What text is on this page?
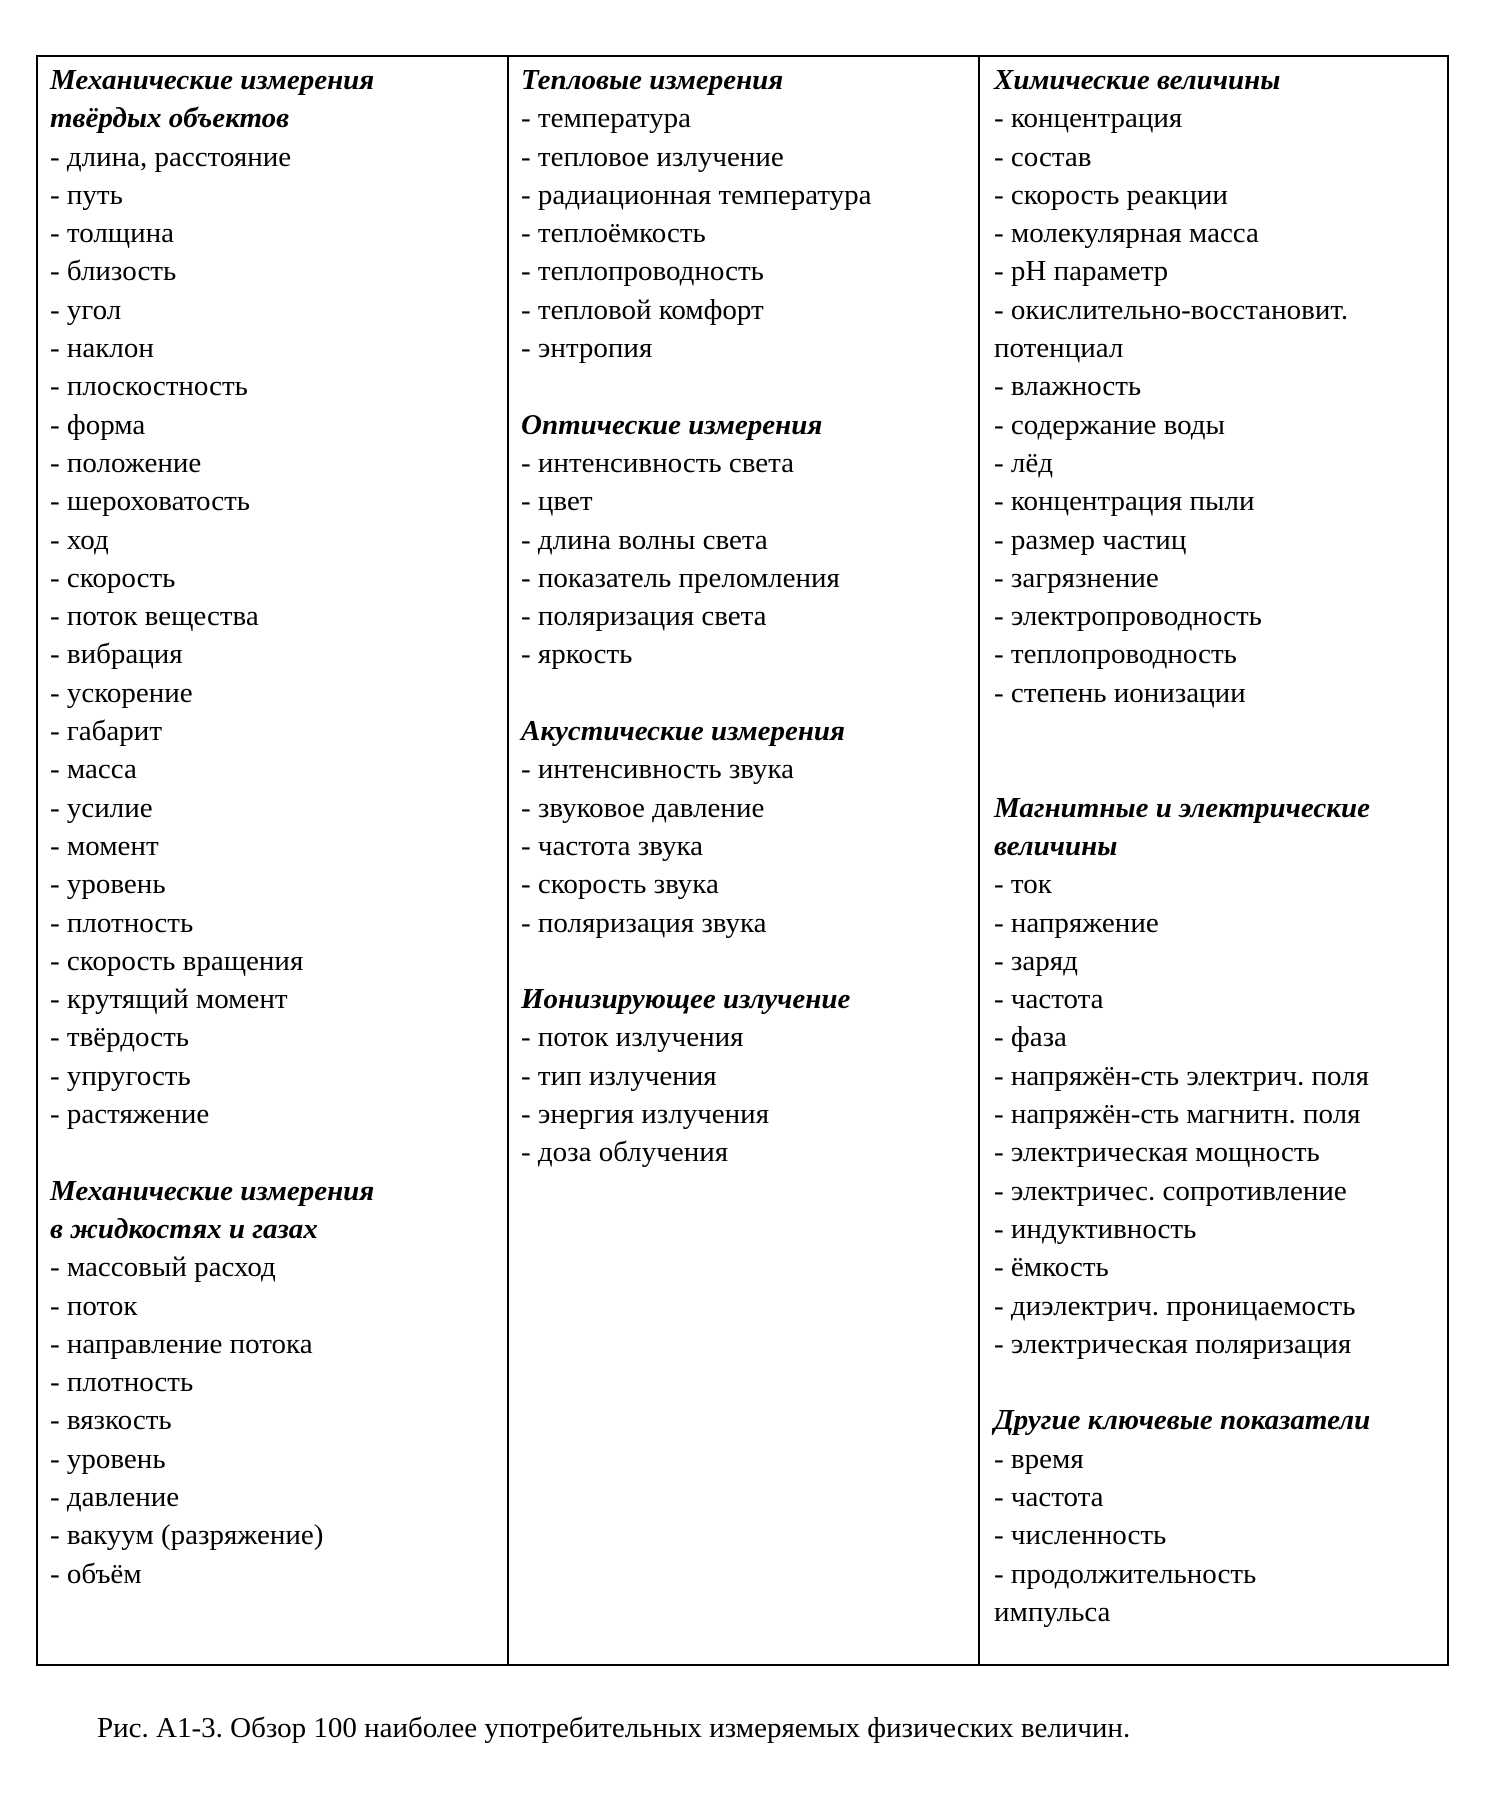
Механические измерения
твёрдых объектов
- длина, расстояние
- путь
- толщина
- близость
- угол
- наклон
- плоскостность
- форма
- положение
- шероховатость
- ход
- скорость
- поток вещества
- вибрация
- ускорение
- габарит
- масса
- усилие
- момент
- уровень
- плотность
- скорость вращения
- крутящий момент
- твёрдость
- упругость
- растяжение
Механические измерения
в жидкостях и газах
- массовый расход
- поток
- направление потока
- плотность
- вязкость
- уровень
- давление
- вакуум (разряжение)
- объём
Тепловые измерения
- температура
- тепловое излучение
- радиационная температура
- теплоёмкость
- теплопроводность
- тепловой комфорт
- энтропия
Оптические измерения
- интенсивность света
- цвет
- длина волны света
- показатель преломления
- поляризация света
- яркость
Акустические измерения
- интенсивность звука
- звуковое давление
- частота звука
- скорость звука
- поляризация звука
Ионизирующее излучение
- поток излучения
- тип излучения
- энергия излучения
- доза облучения
Химические величины
- концентрация
- состав
- скорость реакции
- молекулярная масса
- pH параметр
- окислительно-восстановит.
потенциал
- влажность
- содержание воды
- лёд
- концентрация пыли
- размер частиц
- загрязнение
- электропроводность
- теплопроводность
- степень ионизации
Магнитные и электрические
величины
- ток
- напряжение
- заряд
- частота
- фаза
- напряжён-сть электрич. поля
- напряжён-сть магнитн. поля
- электрическая мощность
- электричес. сопротивление
- индуктивность
- ёмкость
- диэлектрич. проницаемость
- электрическая поляризация
Другие ключевые показатели
- время
- частота
- численность
- продолжительность
импульса
Рис. А1-3. Обзор 100 наиболее употребительных измеряемых физических величин.
